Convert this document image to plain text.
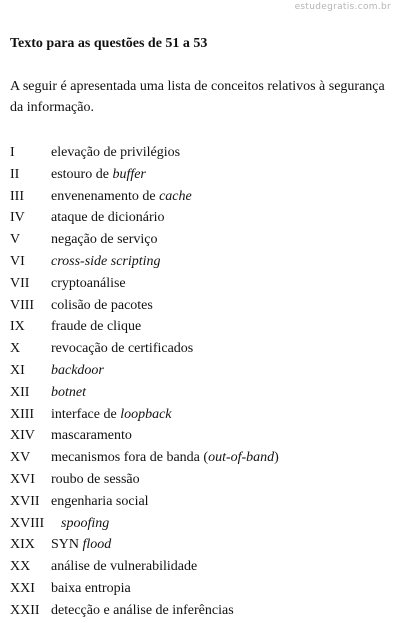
estudegratis.com.br
Texto para as questões de 51 a 53
A seguir é apresentada uma lista de conceitos relativos à segurança
da informação.
I	elevação de privilégios
II estouro de buffer
III envenenamento de cache
IV ataque de dicionário
V negação de serviço
VI cross-side scripting
VII cryptoanálise
VIII colisão de pacotes
IX fraude de clique
X revocação de certificados
XI backdoor
XII botnet
XIII interface de loopback
XIV mascaramento
XV mecanismos fora de banda (out-of-band)
XVI roubo de sessão
XVII engenharia social
XVIII spoofing
XIX SYN flood
XX análise de vulnerabilidade
XXI baixa entropia
XXII detecção e análise de inferências
